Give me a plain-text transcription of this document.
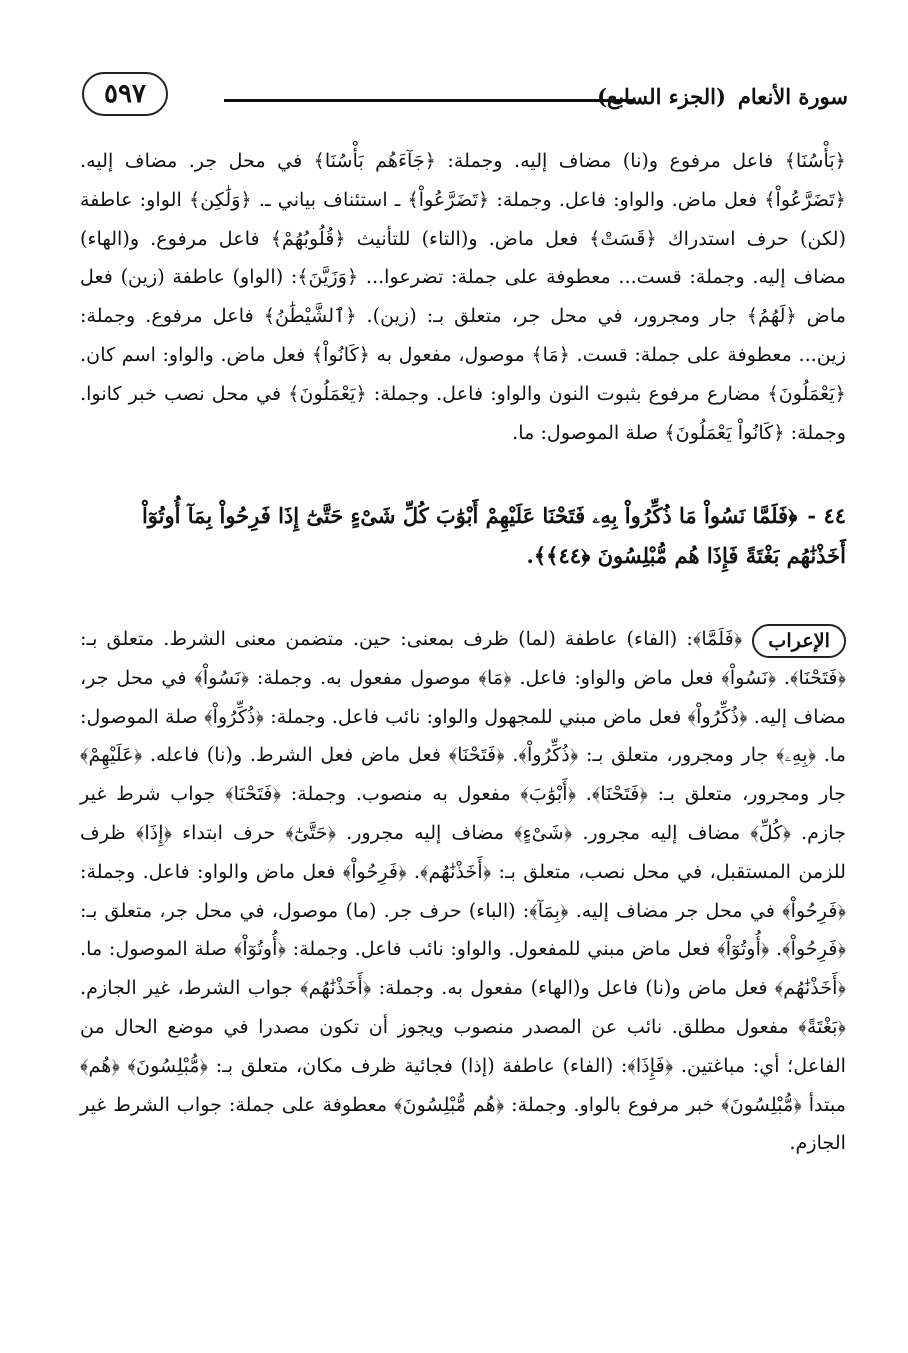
٥٩٧	سورة الأنعام(الجزء السابع)
﴿بَأْسُنَا﴾ فاعل مرفوع و(نا) مضاف إليه. وجملة: ﴿جَآءَهُم بَأْسُنَا﴾ في محل جر. مضاف إليه. ﴿تَضَرَّعُواْ﴾ فعل ماض. والواو: فاعل. وجملة: ﴿تَضَرَّعُواْ﴾ ـ استئناف بياني ـ. ﴿وَلَٰكِن﴾ الواو: عاطفة (لكن) حرف استدراك ﴿قَسَتْ﴾ فعل ماض. و(التاء) للتأنيث ﴿قُلُوبُهُمْ﴾ فاعل مرفوع. و(الهاء) مضاف إليه. وجملة: قست... معطوفة على جملة: تضرعوا... ﴿وَزَيَّنَ﴾: (الواو) عاطفة (زين) فعل ماض ﴿لَهُمُ﴾ جار ومجرور، في محل جر، متعلق بـ: (زين). ﴿ٱلشَّيْطَٰنُ﴾ فاعل مرفوع. وجملة: زين... معطوفة على جملة: قست. ﴿مَا﴾ موصول، مفعول به ﴿كَانُواْ﴾ فعل ماض. والواو: اسم كان. ﴿يَعْمَلُونَ﴾ مضارع مرفوع بثبوت النون والواو: فاعل. وجملة: ﴿يَعْمَلُونَ﴾ في محل نصب خبر كانوا. وجملة: ﴿كَانُواْ يَعْمَلُونَ﴾ صلة الموصول: ما.
٤٤ -﴿فَلَمَّا نَسُواْ مَا ذُكِّرُواْ بِهِۦ فَتَحْنَا عَلَيْهِمْ أَبْوَٰبَ كُلِّ شَىْءٍ حَتَّىٰٓ إِذَا فَرِحُواْ بِمَآ أُوتُوٓاْ أَخَذْنَٰهُم بَغْتَةً فَإِذَا هُم مُّبْلِسُونَ ﴿٤٤﴾﴾.
الإعراب
﴿فَلَمَّا﴾: (الفاء) عاطفة (لما) ظرف بمعنى: حين. متضمن معنى الشرط. متعلق بـ: ﴿فَتَحْنَا﴾. ﴿نَسُواْ﴾ فعل ماض والواو: فاعل. ﴿مَا﴾ موصول مفعول به. وجملة: ﴿نَسُواْ﴾ في محل جر، مضاف إليه. ﴿ذُكِّرُواْ﴾ فعل ماض مبني للمجهول والواو: نائب فاعل. وجملة: ﴿ذُكِّرُواْ﴾ صلة الموصول: ما. ﴿بِهِۦ﴾ جار ومجرور، متعلق بـ: ﴿ذُكِّرُواْ﴾. ﴿فَتَحْنَا﴾ فعل ماض فعل الشرط. و(نا) فاعله. ﴿عَلَيْهِمْ﴾ جار ومجرور، متعلق بـ: ﴿فَتَحْنَا﴾. ﴿أَبْوَٰبَ﴾ مفعول به منصوب. وجملة: ﴿فَتَحْنَا﴾ جواب شرط غير جازم. ﴿كُلِّ﴾ مضاف إليه مجرور. ﴿شَىْءٍ﴾ مضاف إليه مجرور. ﴿حَتَّىٰٓ﴾ حرف ابتداء ﴿إِذَا﴾ ظرف للزمن المستقبل، في محل نصب، متعلق بـ: ﴿أَخَذْنَٰهُم﴾. ﴿فَرِحُواْ﴾ فعل ماض والواو: فاعل. وجملة: ﴿فَرِحُواْ﴾ في محل جر مضاف إليه. ﴿بِمَآ﴾: (الباء) حرف جر. (ما) موصول، في محل جر، متعلق بـ: ﴿فَرِحُواْ﴾. ﴿أُوتُوٓاْ﴾ فعل ماض مبني للمفعول. والواو: نائب فاعل. وجملة: ﴿أُوتُوٓاْ﴾ صلة الموصول: ما. ﴿أَخَذْنَٰهُم﴾ فعل ماض و(نا) فاعل و(الهاء) مفعول به. وجملة: ﴿أَخَذْنَٰهُم﴾ جواب الشرط، غير الجازم. ﴿بَغْتَةً﴾ مفعول مطلق. نائب عن المصدر منصوب ويجوز أن تكون مصدرا في موضع الحال من الفاعل؛ أي: مباغتين. ﴿فَإِذَا﴾: (الفاء) عاطفة (إذا) فجائية ظرف مكان، متعلق بـ: ﴿مُّبْلِسُونَ﴾ ﴿هُم﴾ مبتدأ ﴿مُّبْلِسُونَ﴾ خبر مرفوع بالواو. وجملة: ﴿هُم مُّبْلِسُونَ﴾ معطوفة على جملة: جواب الشرط غير الجازم.
